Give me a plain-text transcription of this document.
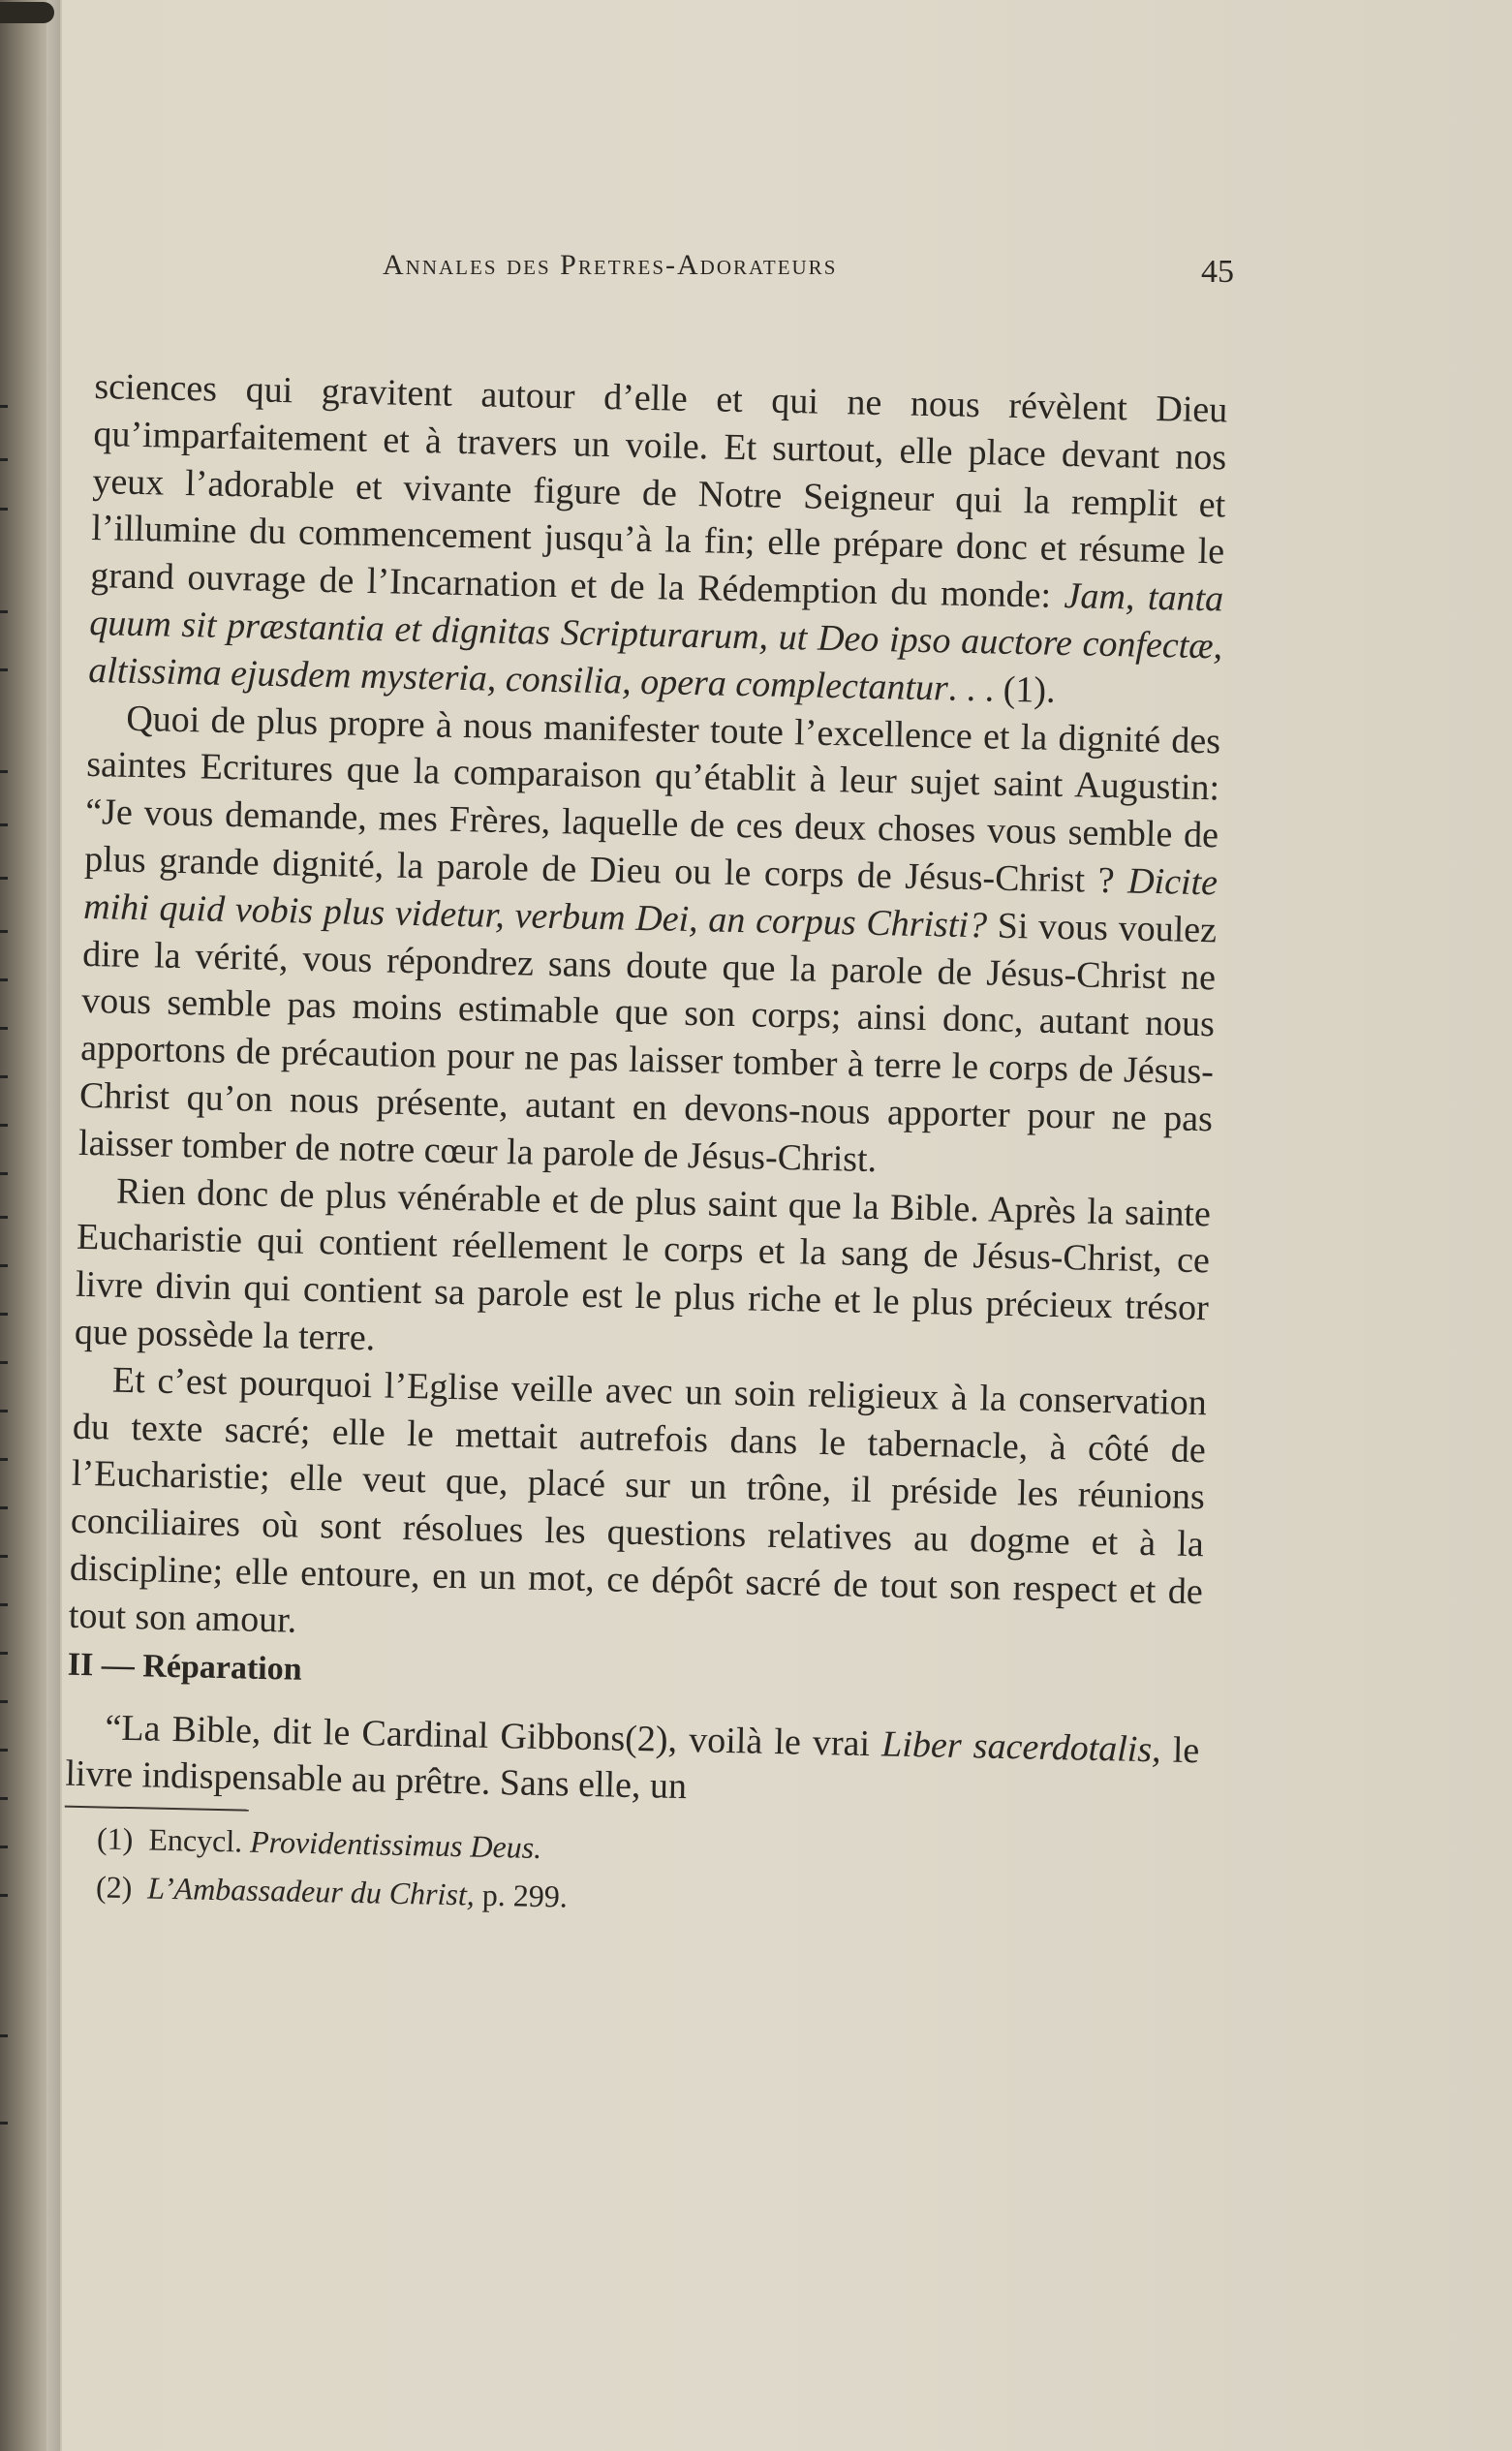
Annales des Pretres-Adorateurs	45

sciences qui gravitent autour d’elle et qui ne nous révèlent Dieu qu’imparfaitement et à travers un voile. Et surtout, elle place devant nos yeux l’adorable et vivante figure de Notre Seigneur qui la remplit et l’illumine du commencement jusqu’à la fin; elle prépare donc et résume le grand ouvrage de l’Incarnation et de la Rédemption du monde: Jam, tanta quum sit præstantia et dignitas Scripturarum, ut Deo ipso auctore confectæ, altissima ejusdem mysteria, consilia, opera complectantur. . . (1).

Quoi de plus propre à nous manifester toute l’excellence et la dignité des saintes Ecritures que la comparaison qu’établit à leur sujet saint Augustin: “Je vous demande, mes Frères, laquelle de ces deux choses vous semble de plus grande dignité, la parole de Dieu ou le corps de Jésus-Christ ? Dicite mihi quid vobis plus videtur, verbum Dei, an corpus Christi? Si vous voulez dire la vérité, vous répondrez sans doute que la parole de Jésus-Christ ne vous semble pas moins estimable que son corps; ainsi donc, autant nous apportons de précaution pour ne pas laisser tomber à terre le corps de Jésus-Christ qu’on nous présente, autant en devons-nous apporter pour ne pas laisser tomber de notre cœur la parole de Jésus-Christ.

Rien donc de plus vénérable et de plus saint que la Bible. Après la sainte Eucharistie qui contient réellement le corps et la sang de Jésus-Christ, ce livre divin qui contient sa parole est le plus riche et le plus précieux trésor que possède la terre.

Et c’est pourquoi l’Eglise veille avec un soin religieux à la conservation du texte sacré; elle le mettait autrefois dans le tabernacle, à côté de l’Eucharistie; elle veut que, placé sur un trône, il préside les réunions conciliaires où sont résolues les questions relatives au dogme et à la discipline; elle entoure, en un mot, ce dépôt sacré de tout son respect et de tout son amour.

II — Réparation

“La Bible, dit le Cardinal Gibbons(2), voilà le vrai Liber sacerdotalis, le livre indispensable au prêtre. Sans elle, un

(1) Encycl. Providentissimus Deus.
(2) L’Ambassadeur du Christ, p. 299.
